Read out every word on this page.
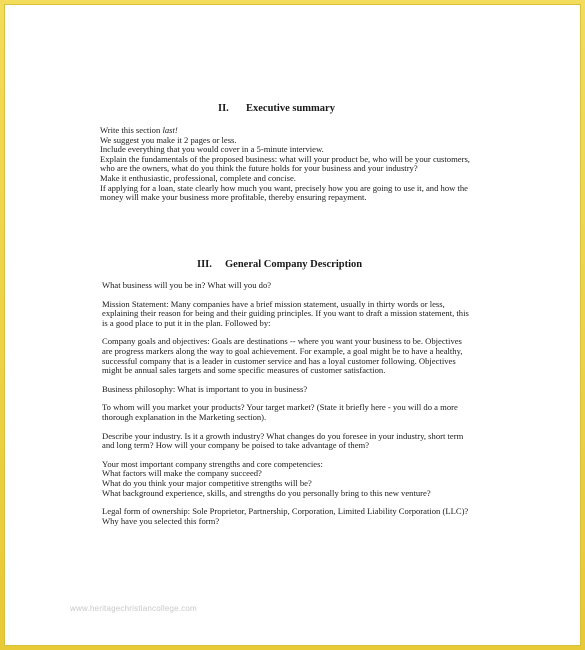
II. Executive summary

Write this section last!

We suggest you make it 2 pages or less.

Include everything that you would cover in a 5-minute interview.

Explain the fundamentals of the proposed business: what will your product be, who will be your customers, who are the owners, what do you think the future holds for your business and your industry?

Make it enthusiastic, professional, complete and concise.

If applying for a loan, state clearly how much you want, precisely how you are going to use it, and how the money will make your business more profitable, thereby ensuring repayment.

III. General Company Description

What business will you be in? What will you do?

Mission Statement: Many companies have a brief mission statement, usually in thirty words or less, explaining their reason for being and their guiding principles. If you want to draft a mission statement, this is a good place to put it in the plan. Followed by:

Company goals and objectives: Goals are destinations -- where you want your business to be. Objectives are progress markers along the way to goal achievement. For example, a goal might be to have a healthy, successful company that is a leader in customer service and has a loyal customer following. Objectives might be annual sales targets and some specific measures of customer satisfaction.

Business philosophy: What is important to you in business?

To whom will you market your products? Your target market? (State it briefly here - you will do a more thorough explanation in the Marketing section).

Describe your industry. Is it a growth industry? What changes do you foresee in your industry, short term and long term? How will your company be poised to take advantage of them?

Your most important company strengths and core competencies:

What factors will make the company succeed?

What do you think your major competitive strengths will be?

What background experience, skills, and strengths do you personally bring to this new venture?

Legal form of ownership: Sole Proprietor, Partnership, Corporation, Limited Liability Corporation (LLC)?

Why have you selected this form?

www.heritagechristiancollege.com
